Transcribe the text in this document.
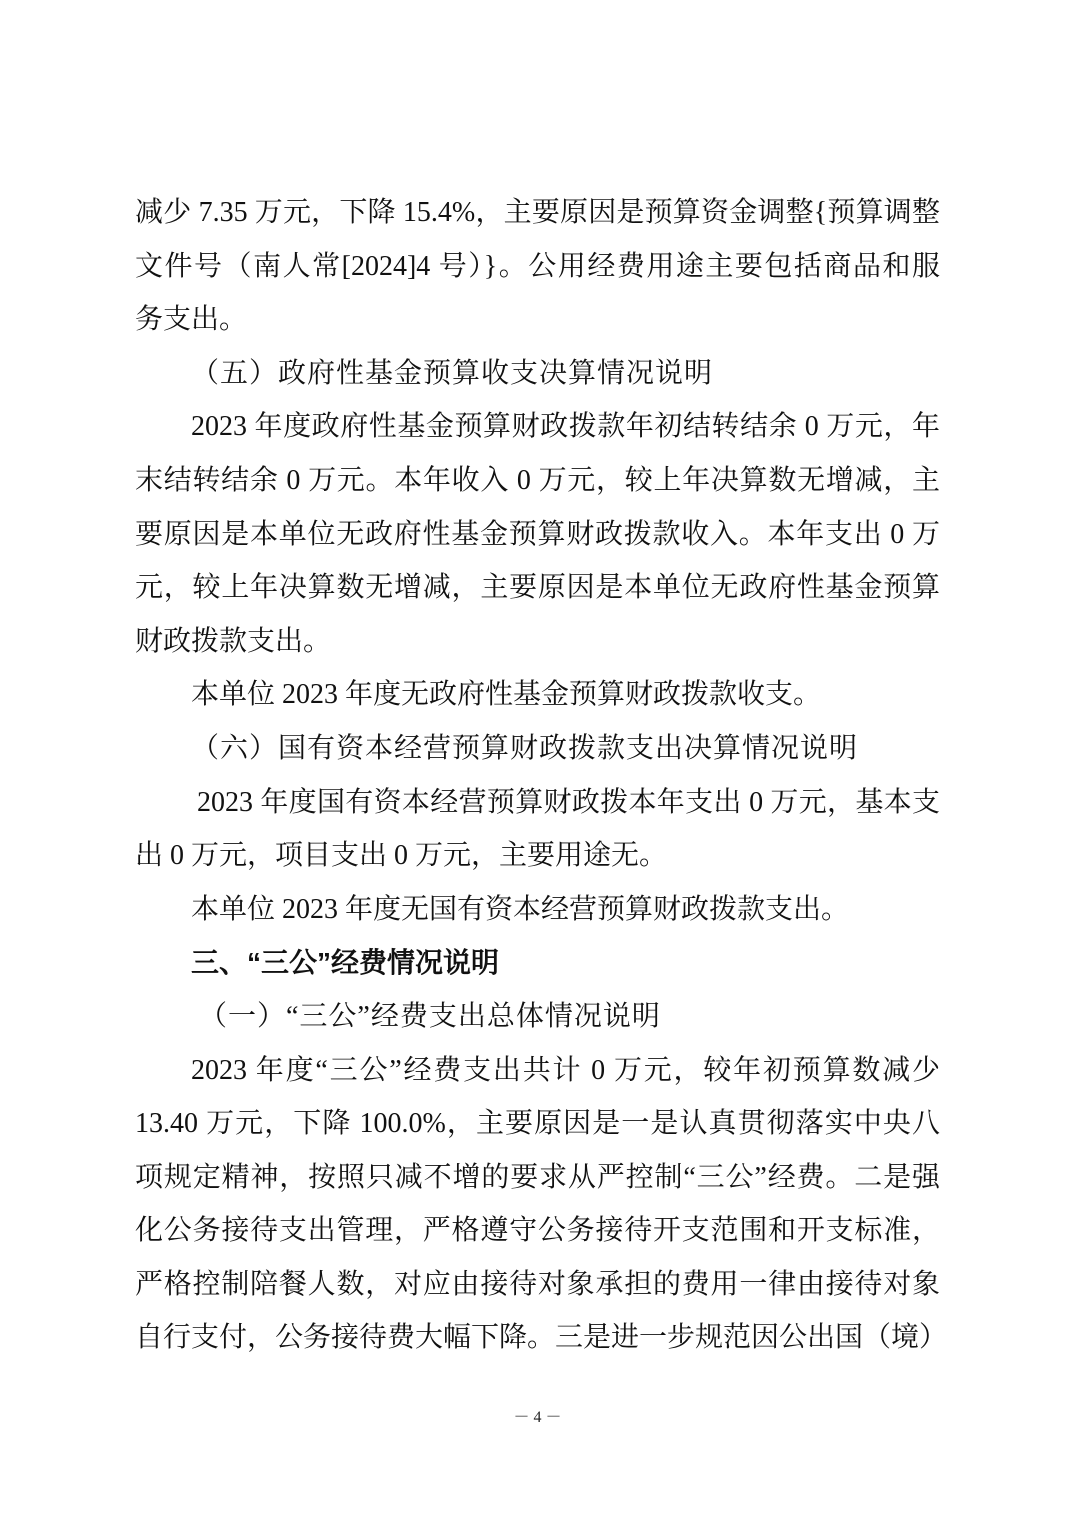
减少 7.35 万元，下降 15.4%，主要原因是预算资金调整{预算调整
文件号（南人常[2024]4 号）}。公用经费用途主要包括商品和服
务支出。
（五）政府性基金预算收支决算情况说明
2023 年度政府性基金预算财政拨款年初结转结余 0 万元，年
末结转结余 0 万元。本年收入 0 万元，较上年决算数无增减，主
要原因是本单位无政府性基金预算财政拨款收入。本年支出 0 万
元，较上年决算数无增减，主要原因是本单位无政府性基金预算
财政拨款支出。
本单位 2023 年度无政府性基金预算财政拨款收支。
（六）国有资本经营预算财政拨款支出决算情况说明
2023 年度国有资本经营预算财政拨本年支出 0 万元，基本支
出 0 万元，项目支出 0 万元，主要用途无。
本单位 2023 年度无国有资本经营预算财政拨款支出。
三、“三公”经费情况说明
（一）“三公”经费支出总体情况说明
2023 年度“三公”经费支出共计 0 万元，较年初预算数减少
13.40 万元，下降 100.0%，主要原因是一是认真贯彻落实中央八
项规定精神，按照只减不增的要求从严控制“三公”经费。二是强
化公务接待支出管理，严格遵守公务接待开支范围和开支标准，
严格控制陪餐人数，对应由接待对象承担的费用一律由接待对象
自行支付，公务接待费大幅下降。三是进一步规范因公出国（境）
－ 4 －
